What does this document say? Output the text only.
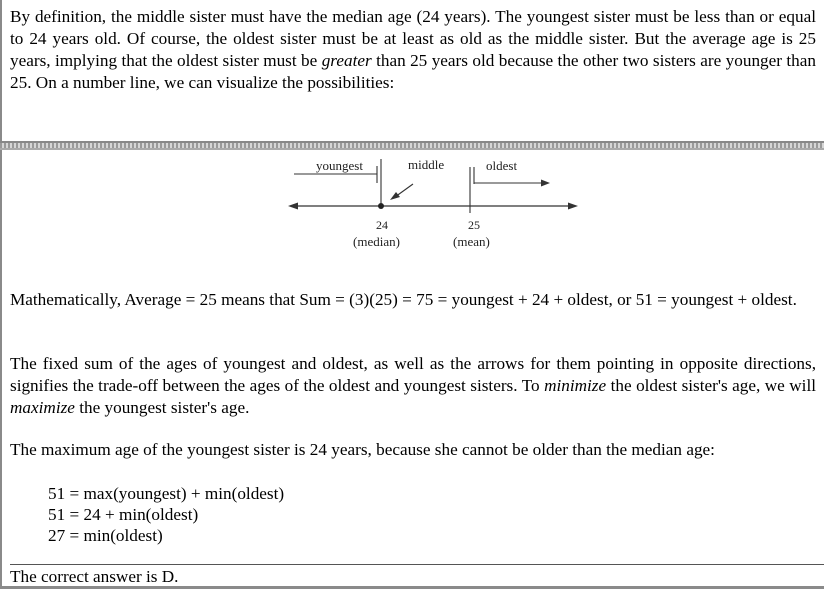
By definition, the middle sister must have the median age (24 years). The youngest sister must be less than or equal to 24 years old. Of course, the oldest sister must be at least as old as the middle sister. But the average age is 25 years, implying that the oldest sister must be greater than 25 years old because the other two sisters are younger than 25. On a number line, we can visualize the possibilities:

youngest	middle	oldest
24
(median)
25
(mean)

Mathematically, Average = 25 means that Sum = (3)(25) = 75 = youngest + 24 + oldest, or 51 = youngest + oldest.

The fixed sum of the ages of youngest and oldest, as well as the arrows for them pointing in opposite directions, signifies the trade-off between the ages of the oldest and youngest sisters. To minimize the oldest sister's age, we will maximize the youngest sister's age.

The maximum age of the youngest sister is 24 years, because she cannot be older than the median age:

51 = max(youngest) + min(oldest)
51 = 24 + min(oldest)
27 = min(oldest)
The correct answer is D.
